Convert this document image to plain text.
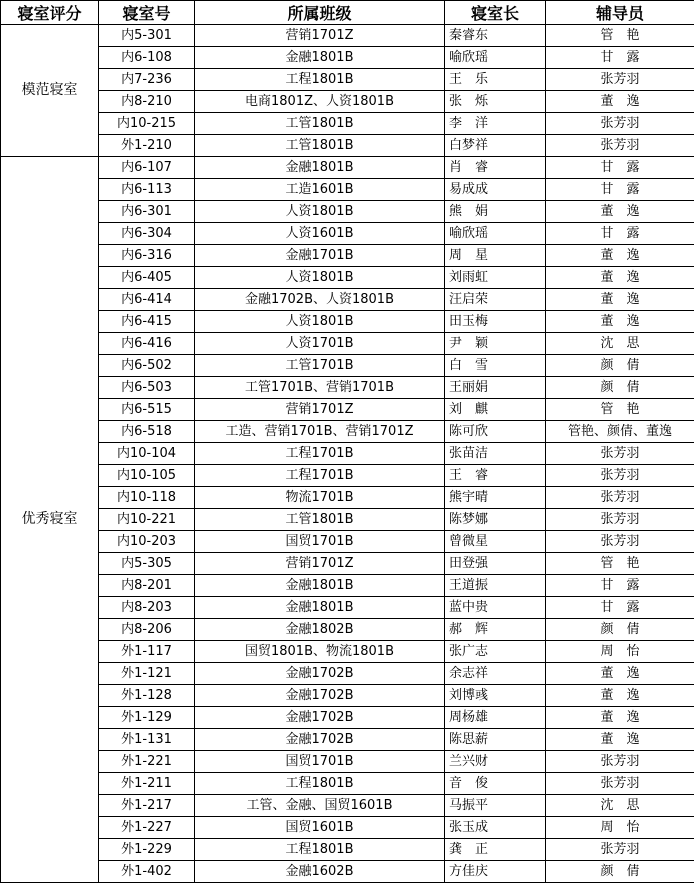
寝室评分	寝室号	所属班级	寝室长	辅导员
模范寝室	内5-301	营销1701Z	秦睿东	管　艳
	内6-108	金融1801B	喻欣瑶	甘　露
	内7-236	工程1801B	王　乐	张芳羽
	内8-210	电商1801Z、人资1801B	张　烁	董　逸
	内10-215	工管1801B	李　洋	张芳羽
	外1-210	工管1801B	白梦祥	张芳羽
优秀寝室	内6-107	金融1801B	肖　睿	甘　露
	内6-113	工造1601B	易成成	甘　露
	内6-301	人资1801B	熊　娟	董　逸
	内6-304	人资1601B	喻欣瑶	甘　露
	内6-316	金融1701B	周　星	董　逸
	内6-405	人资1801B	刘雨虹	董　逸
	内6-414	金融1702B、人资1801B	汪启荣	董　逸
	内6-415	人资1801B	田玉梅	董　逸
	内6-416	人资1701B	尹　颖	沈　思
	内6-502	工管1701B	白　雪	颜　倩
	内6-503	工管1701B、营销1701B	王丽娟	颜　倩
	内6-515	营销1701Z	刘　麒	管　艳
	内6-518	工造、营销1701B、营销1701Z	陈可欣	管艳、颜倩、董逸
	内10-104	工程1701B	张苗洁	张芳羽
	内10-105	工程1701B	王　睿	张芳羽
	内10-118	物流1701B	熊宇晴	张芳羽
	内10-221	工管1801B	陈梦娜	张芳羽
	内10-203	国贸1701B	曾微星	张芳羽
	内5-305	营销1701Z	田登强	管　艳
	内8-201	金融1801B	王道振	甘　露
	内8-203	金融1801B	蓝中贵	甘　露
	内8-206	金融1802B	郝　辉	颜　倩
	外1-117	国贸1801B、物流1801B	张广志	周　怡
	外1-121	金融1702B	余志祥	董　逸
	外1-128	金融1702B	刘博彧	董　逸
	外1-129	金融1702B	周杨雄	董　逸
	外1-131	金融1702B	陈思薪	董　逸
	外1-221	国贸1701B	兰兴财	张芳羽
	外1-211	工程1801B	音　俊	张芳羽
	外1-217	工管、金融、国贸1601B	马振平	沈　思
	外1-227	国贸1601B	张玉成	周　怡
	外1-229	工程1801B	龚　正	张芳羽
	外1-402	金融1602B	方佳庆	颜　倩
